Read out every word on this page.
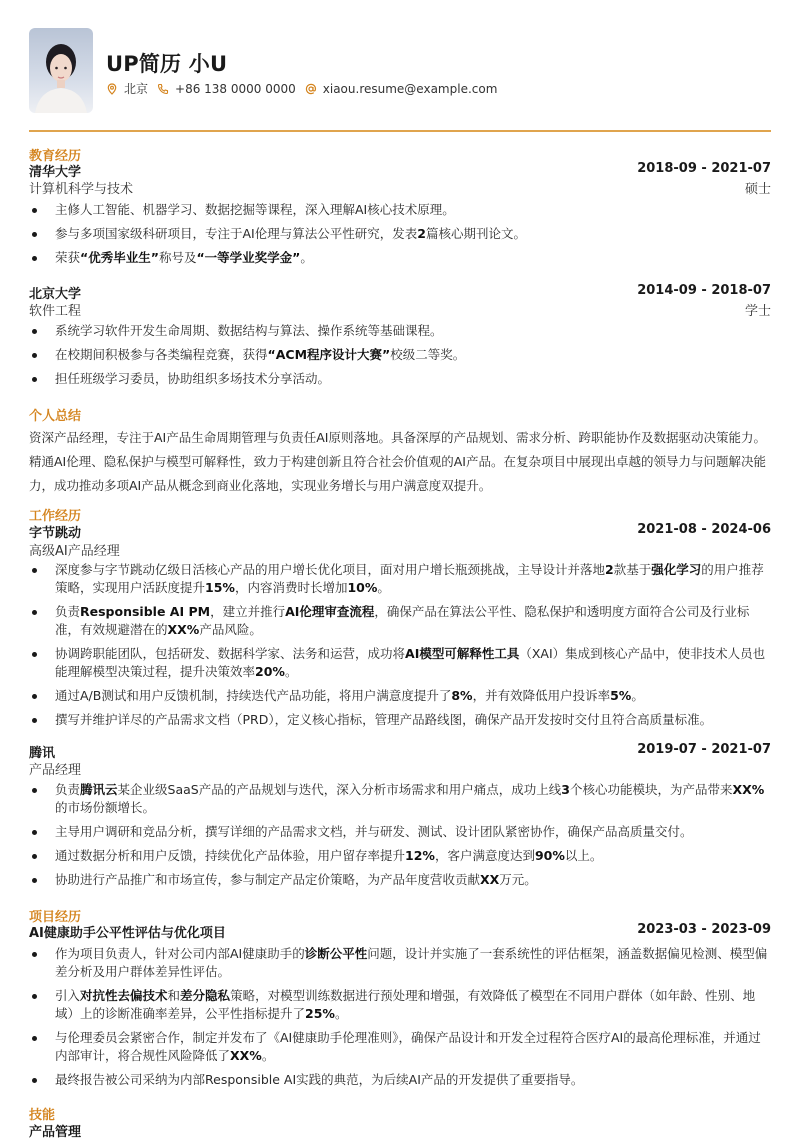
UP简历 小U
北京 +86 138 0000 0000 xiaou.resume@example.com
教育经历
清华大学	2018-09 - 2021-07
计算机科学与技术	硕士
主修人工智能、机器学习、数据挖掘等课程，深入理解AI核心技术原理。
参与多项国家级科研项目，专注于AI伦理与算法公平性研究，发表2篇核心期刊论文。
荣获“优秀毕业生”称号及“一等学业奖学金”。
北京大学	2014-09 - 2018-07
软件工程	学士
系统学习软件开发生命周期、数据结构与算法、操作系统等基础课程。
在校期间积极参与各类编程竞赛，获得“ACM程序设计大赛”校级二等奖。
担任班级学习委员，协助组织多场技术分享活动。
个人总结
资深产品经理，专注于AI产品生命周期管理与负责任AI原则落地。具备深厚的产品规划、需求分析、跨职能协作及数据驱动决策能力。精通AI伦理、隐私保护与模型可解释性，致力于构建创新且符合社会价值观的AI产品。在复杂项目中展现出卓越的领导力与问题解决能力，成功推动多项AI产品从概念到商业化落地，实现业务增长与用户满意度双提升。
工作经历
字节跳动	2021-08 - 2024-06
高级AI产品经理
深度参与字节跳动亿级日活核心产品的用户增长优化项目，面对用户增长瓶颈挑战，主导设计并落地2款基于强化学习的用户推荐策略，实现用户活跃度提升15%，内容消费时长增加10%。
负责Responsible AI PM，建立并推行AI伦理审查流程，确保产品在算法公平性、隐私保护和透明度方面符合公司及行业标准，有效规避潜在的XX%产品风险。
协调跨职能团队，包括研发、数据科学家、法务和运营，成功将AI模型可解释性工具（XAI）集成到核心产品中，使非技术人员也能理解模型决策过程，提升决策效率20%。
通过A/B测试和用户反馈机制，持续迭代产品功能，将用户满意度提升了8%，并有效降低用户投诉率5%。
撰写并维护详尽的产品需求文档（PRD），定义核心指标，管理产品路线图，确保产品开发按时交付且符合高质量标准。
腾讯	2019-07 - 2021-07
产品经理
负责腾讯云某企业级SaaS产品的产品规划与迭代，深入分析市场需求和用户痛点，成功上线3个核心功能模块，为产品带来XX%的市场份额增长。
主导用户调研和竞品分析，撰写详细的产品需求文档，并与研发、测试、设计团队紧密协作，确保产品高质量交付。
通过数据分析和用户反馈，持续优化产品体验，用户留存率提升12%，客户满意度达到90%以上。
协助进行产品推广和市场宣传，参与制定产品定价策略，为产品年度营收贡献XX万元。
项目经历
AI健康助手公平性评估与优化项目	2023-03 - 2023-09
作为项目负责人，针对公司内部AI健康助手的诊断公平性问题，设计并实施了一套系统性的评估框架，涵盖数据偏见检测、模型偏差分析及用户群体差异性评估。
引入对抗性去偏技术和差分隐私策略，对模型训练数据进行预处理和增强，有效降低了模型在不同用户群体（如年龄、性别、地域）上的诊断准确率差异，公平性指标提升了25%。
与伦理委员会紧密合作，制定并发布了《AI健康助手伦理准则》，确保产品设计和开发全过程符合医疗AI的最高伦理标准，并通过内部审计，将合规性风险降低了XX%。
最终报告被公司采纳为内部Responsible AI实践的典范，为后续AI产品的开发提供了重要指导。
技能
产品管理
